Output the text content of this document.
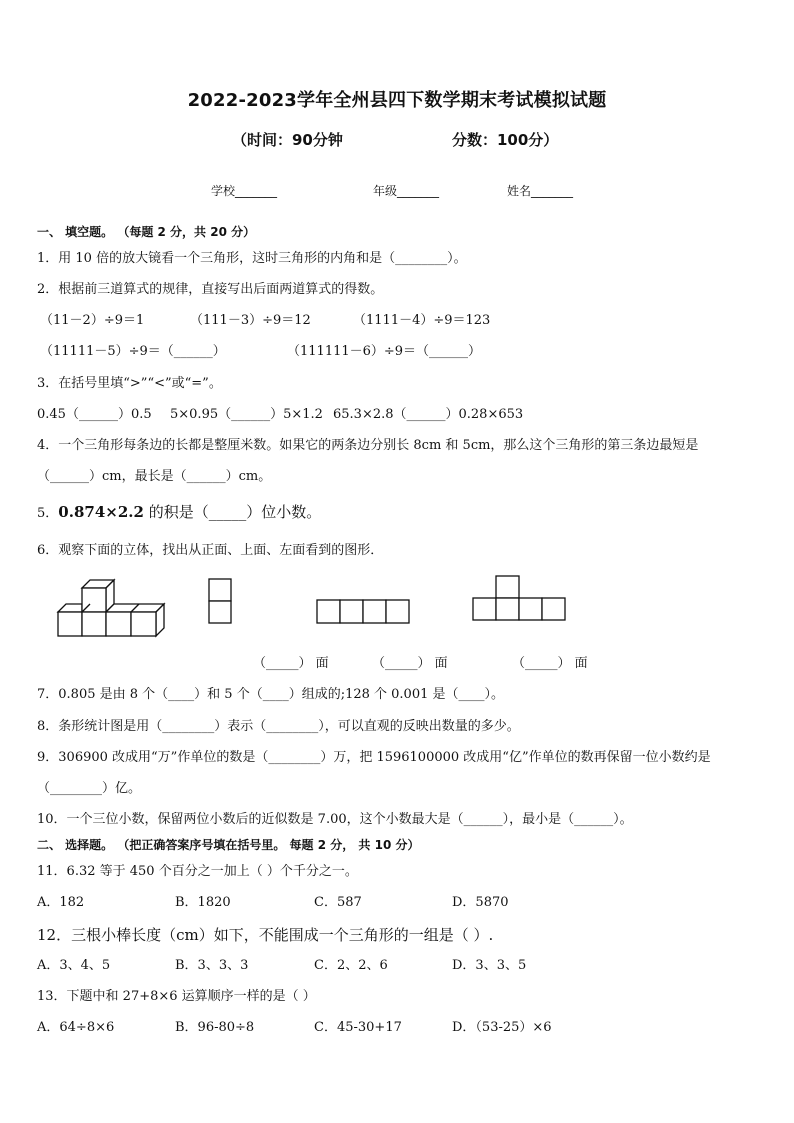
2022-2023学年全州县四下数学期末考试模拟试题
（时间：90分钟	分数：100分）
学校_______	年级_______	姓名_______
一、 填空题。 （每题 2 分，共 20 分）
1．用 10 倍的放大镜看一个三角形，这时三角形的内角和是（________）。
2．根据前三道算式的规律，直接写出后面两道算式的得数。
（11－2）÷9＝1	（111－3）÷9＝12	（1111－4）÷9＝123
（11111－5）÷9＝（______）	（111111－6）÷9＝（______）
3．在括号里填“>”“<”或“=”。
0.45（______）0.5 5×0.95（______）5×1.2 65.3×2.8（______）0.28×653
4．一个三角形每条边的长都是整厘米数。如果它的两条边分别长 8cm 和 5cm，那么这个三角形的第三条边最短是
（______）cm，最长是（______）cm。
5．0.874×2.2 的积是（_____）位小数。
6．观察下面的立体，找出从正面、上面、左面看到的图形．
（_____） 面	（_____） 面	（_____） 面
7．0.805 是由 8 个（____）和 5 个（____）组成的;128 个 0.001 是（____）。
8．条形统计图是用（________）表示（________），可以直观的反映出数量的多少。
9．306900 改成用“万”作单位的数是（________）万，把 1596100000 改成用“亿”作单位的数再保留一位小数约是
（________）亿。
10．一个三位小数，保留两位小数后的近似数是 7.00，这个小数最大是（______），最小是（______）。
二、 选择题。 （把正确答案序号填在括号里。 每题 2 分， 共 10 分）
11．6.32 等于 450 个百分之一加上（ ）个千分之一。
A．182	B．1820	C．587	D．5870
12．三根小棒长度（cm）如下，不能围成一个三角形的一组是（ ）.
A．3、4、5	B．3、3、3	C．2、2、6	D．3、3、5
13．下题中和 27+8×6 运算顺序一样的是（ ）
A．64÷8×6	B．96-80÷8	C．45-30+17	D．（53-25）×6
